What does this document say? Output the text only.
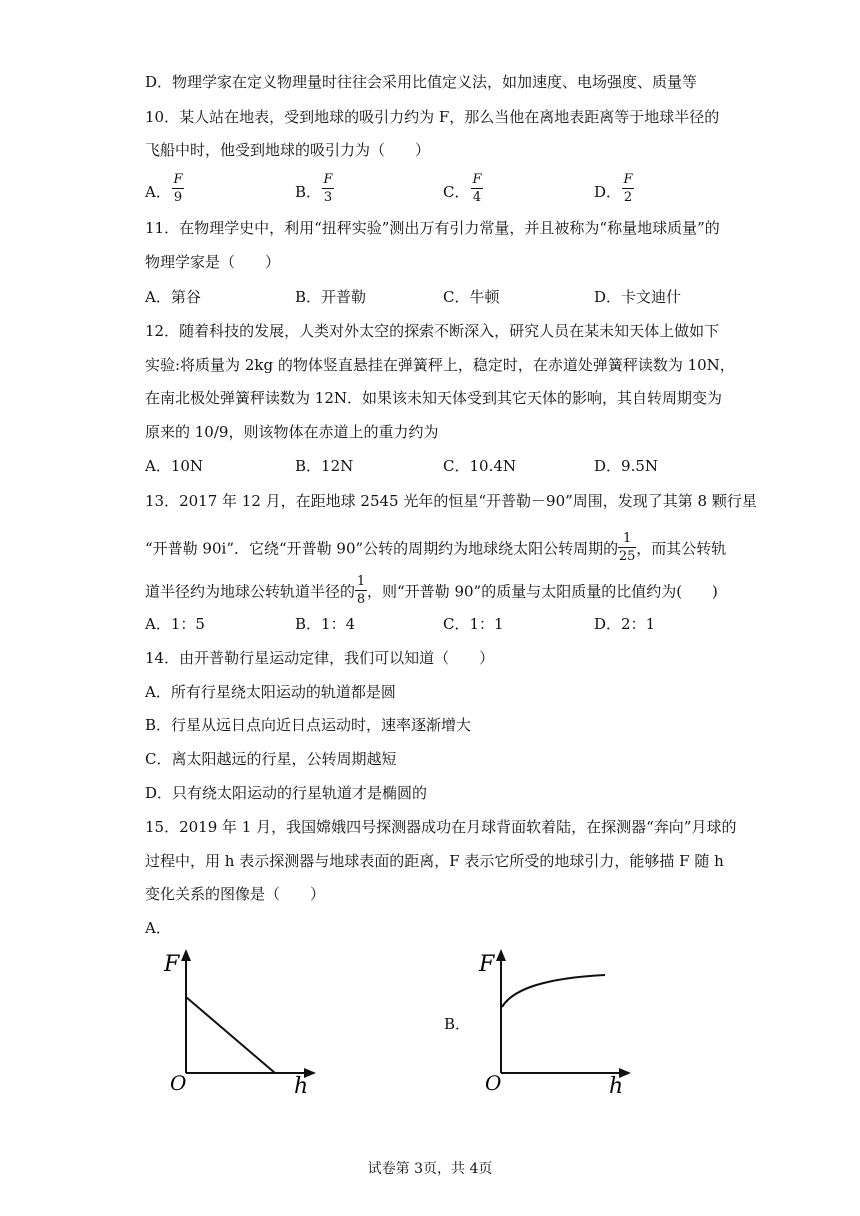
D．物理学家在定义物理量时往往会采用比值定义法，如加速度、电场强度、质量等
10．某人站在地表，受到地球的吸引力约为 F，那么当他在离地表距离等于地球半径的
飞船中时，他受到地球的吸引力为（　　）
A．
F
9	B．
F
3	C．
F
4	D．
F
2
11．在物理学史中，利用“扭秤实验”测出万有引力常量，并且被称为“称量地球质量”的
物理学家是（　　）
A．第谷	B．开普勒	C．牛顿	D．卡文迪什
12．随着科技的发展，人类对外太空的探索不断深入，研究人员在某未知天体上做如下
实验:将质量为 2kg 的物体竖直悬挂在弹簧秤上，稳定时，在赤道处弹簧秤读数为 10N，
在南北极处弹簧秤读数为 12N．如果该未知天体受到其它天体的影响，其自转周期变为
原来的 10/9，则该物体在赤道上的重力约为
A．10N	B．12N	C．10.4N	D．9.5N
13．2017 年 12 月，在距地球 2545 光年的恒星“开普勒－90”周围，发现了其第 8 颗行星
“开普勒 90i”．它绕“开普勒 90”公转的周期约为地球绕太阳公转周期的 $\frac{1}{25}$ ，而其公转轨
道半径约为地球公转轨道半径的 $\frac{1}{8}$ ，则“开普勒 90”的质量与太阳质量的比值约为(　　)
A．1：5	B．1：4	C．1：1	D．2：1
14．由开普勒行星运动定律，我们可以知道（　　）
A．所有行星绕太阳运动的轨道都是圆
B．行星从远日点向近日点运动时，速率逐渐增大
C．离太阳越远的行星，公转周期越短
D．只有绕太阳运动的行星轨道才是椭圆的
15．2019 年 1 月，我国嫦娥四号探测器成功在月球背面软着陆，在探测器“奔向”月球的
过程中，用 h 表示探测器与地球表面的距离，F 表示它所受的地球引力，能够描 F 随 h
变化关系的图像是（　　）
A．
F
O	h
B．
F
O	h
试卷第 3页，共 4页
